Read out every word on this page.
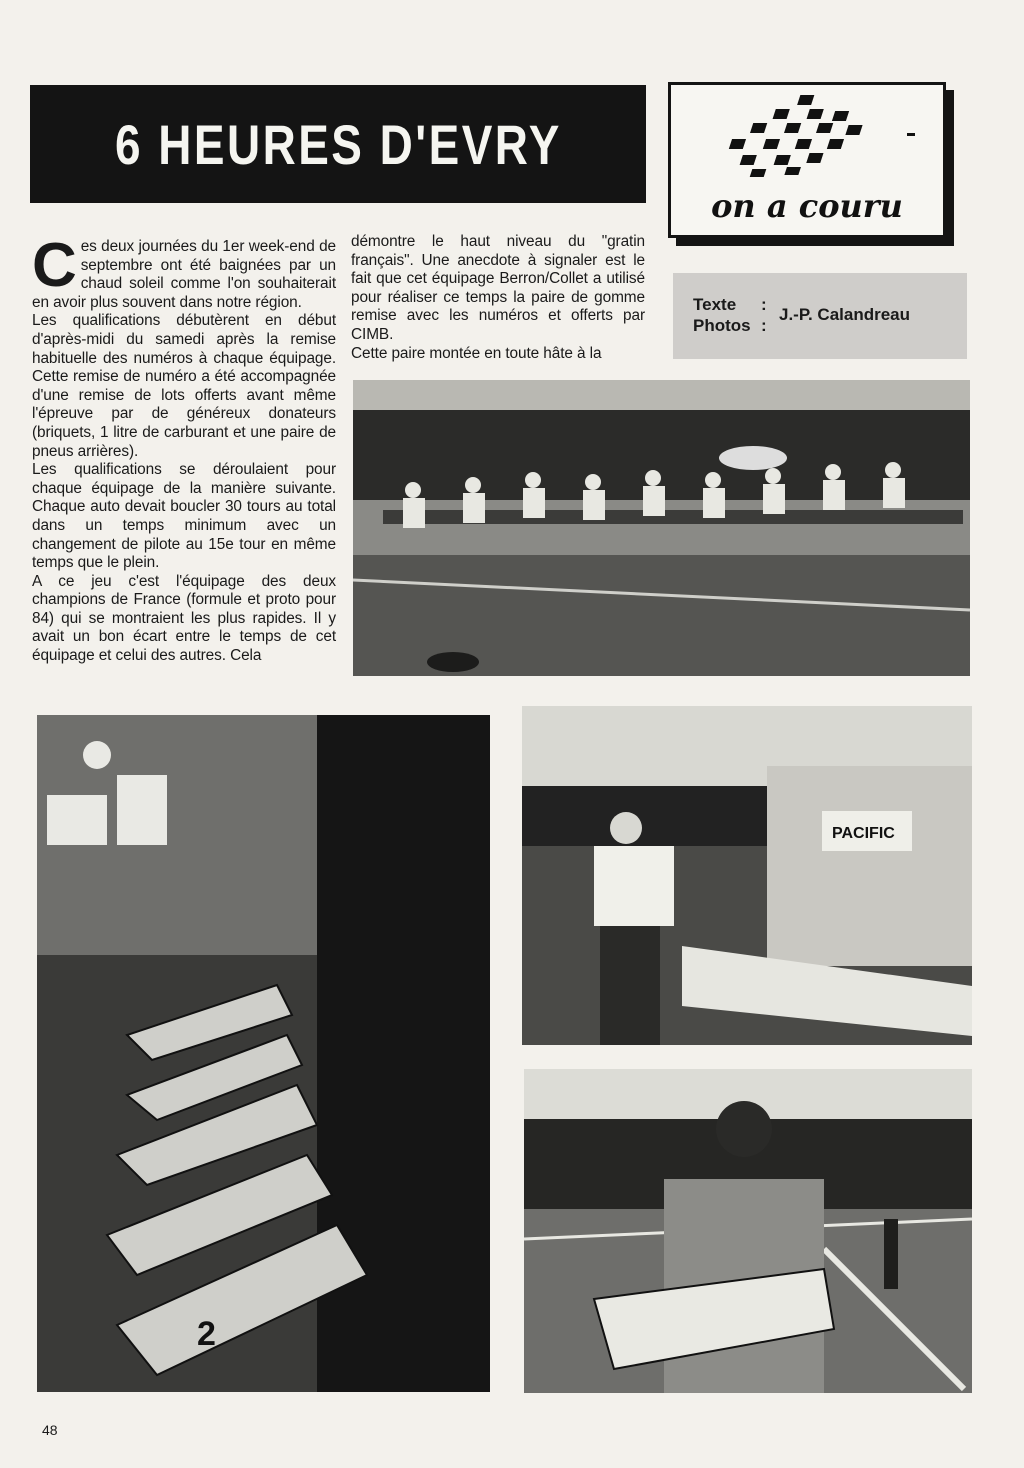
6 HEURES D'EVRY
on a couru
Texte :
Photos :
J.-P. Calandreau

Ces deux journées du 1er week-end de septembre ont été baignées par un chaud soleil comme l'on souhaiterait en avoir plus souvent dans notre région.

Les qualifications débutèrent en début d'après-midi du samedi après la remise habituelle des numéros à chaque équipage. Cette remise de numéro a été accompagnée d'une remise de lots offerts avant même l'épreuve par de généreux donateurs (briquets, 1 litre de carburant et une paire de pneus arrières).

Les qualifications se déroulaient pour chaque équipage de la manière suivante. Chaque auto devait boucler 30 tours au total dans un temps minimum avec un changement de pilote au 15e tour en même temps que le plein.

A ce jeu c'est l'équipage des deux champions de France (formule et proto pour 84) qui se montraient les plus rapides. Il y avait un bon écart entre le temps de cet équipage et celui des autres. Cela

démontre le haut niveau du "gratin français". Une anecdote à signaler est le fait que cet équipage Berron/Collet a utilisé pour réaliser ce temps la paire de gomme remise avec les numéros et offerts par CIMB.

Cette paire montée en toute hâte à la

2
PACIFIC
48
